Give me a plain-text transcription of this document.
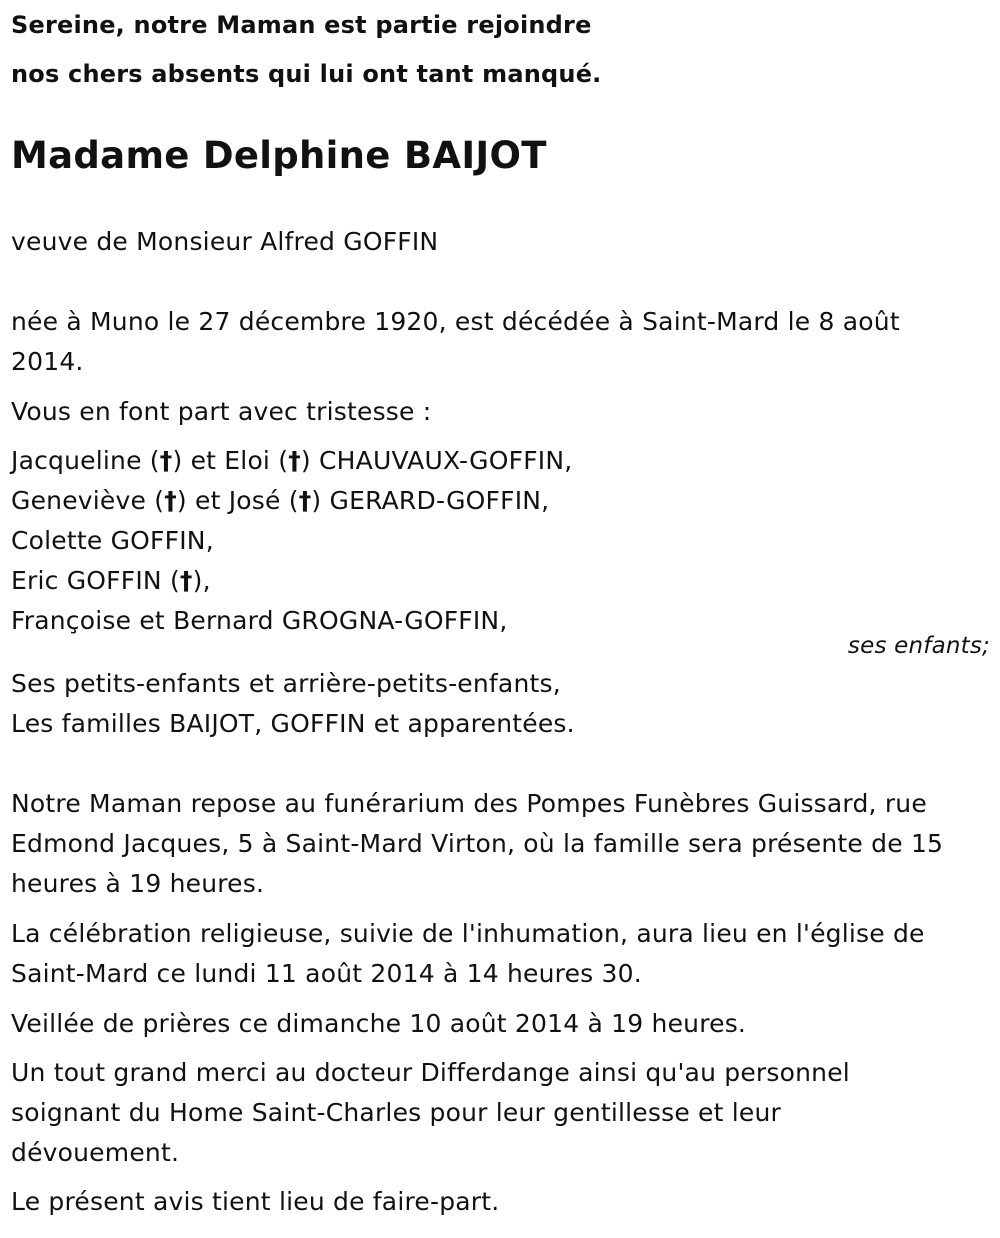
Sereine, notre Maman est partie rejoindre
nos chers absents qui lui ont tant manqué.
Madame Delphine BAIJOT
veuve de Monsieur Alfred GOFFIN
née à Muno le 27 décembre 1920, est décédée à Saint-Mard le 8 août
2014.
Vous en font part avec tristesse :
Jacqueline (†) et Eloi (†) CHAUVAUX-GOFFIN,
Geneviève (†) et José (†) GERARD-GOFFIN,
Colette GOFFIN,
Eric GOFFIN (†),
Françoise et Bernard GROGNA-GOFFIN,
ses enfants;
Ses petits-enfants et arrière-petits-enfants,
Les familles BAIJOT, GOFFIN et apparentées.
Notre Maman repose au funérarium des Pompes Funèbres Guissard, rue
Edmond Jacques, 5 à Saint-Mard Virton, où la famille sera présente de 15
heures à 19 heures.
La célébration religieuse, suivie de l'inhumation, aura lieu en l'église de
Saint-Mard ce lundi 11 août 2014 à 14 heures 30.
Veillée de prières ce dimanche 10 août 2014 à 19 heures.
Un tout grand merci au docteur Differdange ainsi qu'au personnel
soignant du Home Saint-Charles pour leur gentillesse et leur
dévouement.
Le présent avis tient lieu de faire-part.
